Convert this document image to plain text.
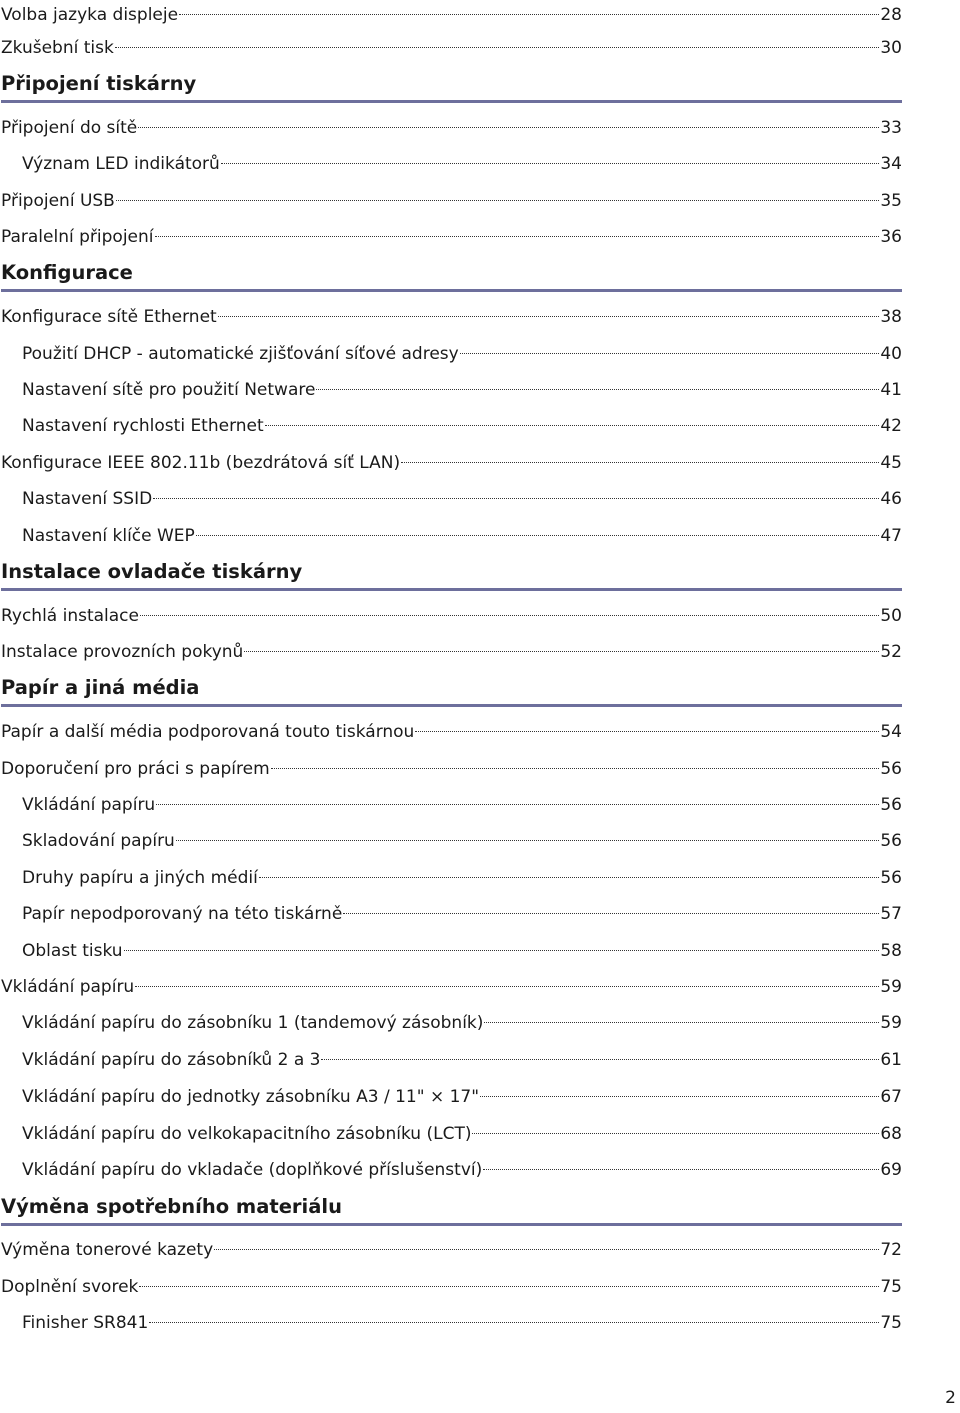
Volba jazyka displeje	28
Zkušební tisk	30
Připojení tiskárny
Připojení do sítě	33
Význam LED indikátorů	34
Připojení USB	35
Paralelní připojení	36
Konfigurace
Konfigurace sítě Ethernet	38
Použití DHCP - automatické zjišťování síťové adresy	40
Nastavení sítě pro použití Netware	41
Nastavení rychlosti Ethernet	42
Konfigurace IEEE 802.11b (bezdrátová síť LAN)	45
Nastavení SSID	46
Nastavení klíče WEP	47
Instalace ovladače tiskárny
Rychlá instalace	50
Instalace provozních pokynů	52
Papír a jiná média
Papír a další média podporovaná touto tiskárnou	54
Doporučení pro práci s papírem	56
Vkládání papíru	56
Skladování papíru	56
Druhy papíru a jiných médií	56
Papír nepodporovaný na této tiskárně	57
Oblast tisku	58
Vkládání papíru	59
Vkládání papíru do zásobníku 1 (tandemový zásobník)	59
Vkládání papíru do zásobníků 2 a 3	61
Vkládání papíru do jednotky zásobníku A3 / 11" × 17"	67
Vkládání papíru do velkokapacitního zásobníku (LCT)	68
Vkládání papíru do vkladače (doplňkové příslušenství)	69
Výměna spotřebního materiálu
Výměna tonerové kazety	72
Doplnění svorek	75
Finisher SR841	75
2
